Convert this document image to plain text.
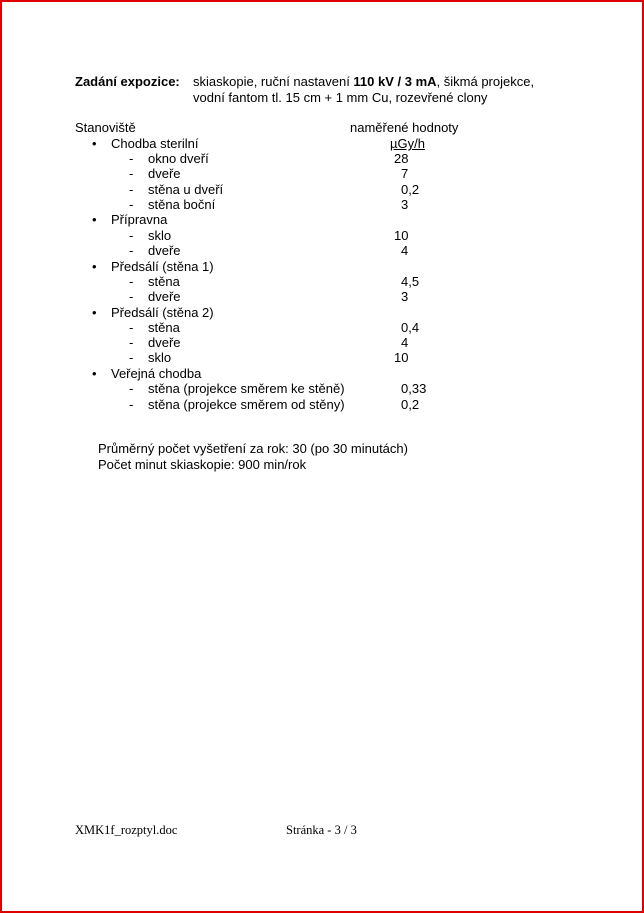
Zadání expozice: skiaskopie, ruční nastavení 110 kV / 3 mA, šikmá projekce,
vodní fantom tl. 15 cm + 1 mm Cu, rozevřené clony
Stanoviště	naměřené hodnoty
µGy/h
• Chodba sterilní
- okno dveří	28
- dveře	7
- stěna u dveří	0,2
- stěna boční	3
• Přípravna
- sklo	10
- dveře	4
• Předsálí (stěna 1)
- stěna	4,5
- dveře	3
• Předsálí (stěna 2)
- stěna	0,4
- dveře	4
- sklo	10
• Veřejná chodba
- stěna (projekce směrem ke stěně)	0,33
- stěna (projekce směrem od stěny)	0,2
Průměrný počet vyšetření za rok: 30 (po 30 minutách)
Počet minut skiaskopie: 900 min/rok
XMK1f_rozptyl.doc	Stránka - 3 / 3
